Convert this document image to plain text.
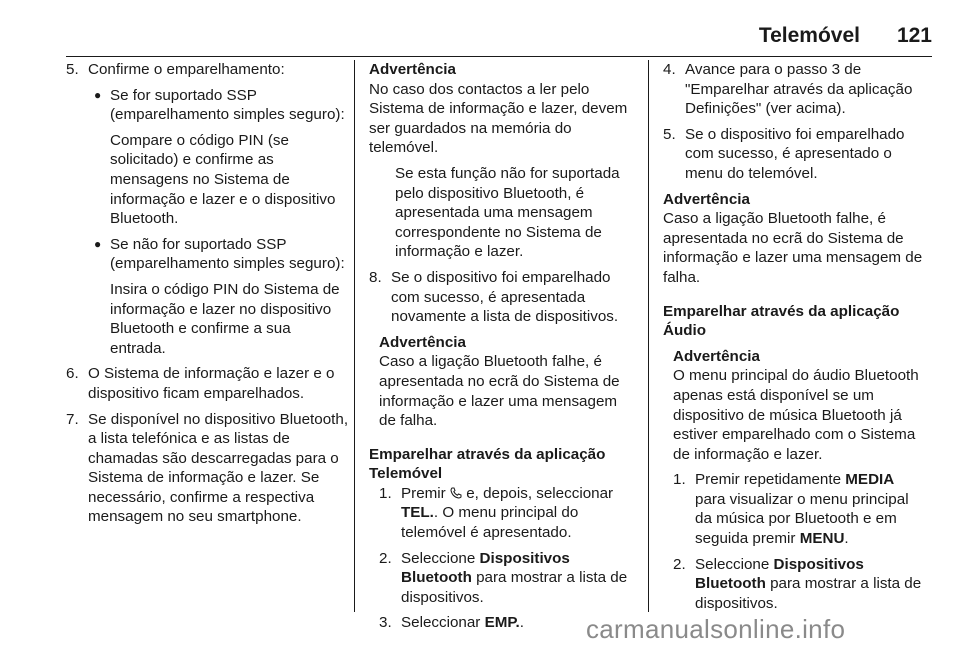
Telemóvel 121
5. Confirme o emparelhamento:
● Se for suportado SSP (emparelhamento simples seguro):
Compare o código PIN (se solicitado) e confirme as mensagens no Sistema de informação e lazer e o dispositivo Bluetooth.
● Se não for suportado SSP (emparelhamento simples seguro):
Insira o código PIN do Sistema de informação e lazer no dispositivo Bluetooth e confirme a sua entrada.
6. O Sistema de informação e lazer e o dispositivo ficam emparelhados.
7. Se disponível no dispositivo Bluetooth, a lista telefónica e as listas de chamadas são descarregadas para o Sistema de informação e lazer. Se necessário, confirme a respectiva mensagem no seu smartphone.
Advertência
No caso dos contactos a ler pelo Sistema de informação e lazer, devem ser guardados na memória do telemóvel.
Se esta função não for suportada pelo dispositivo Bluetooth, é apresentada uma mensagem correspondente no Sistema de informação e lazer.
8. Se o dispositivo foi emparelhado com sucesso, é apresentada novamente a lista de dispositivos.
Advertência
Caso a ligação Bluetooth falhe, é apresentada no ecrã do Sistema de informação e lazer uma mensagem de falha.
Emparelhar através da aplicação Telemóvel
1. Premir e, depois, seleccionar TEL.. O menu principal do telemóvel é apresentado.
2. Seleccione Dispositivos Bluetooth para mostrar a lista de dispositivos.
3. Seleccionar EMP..
4. Avance para o passo 3 de "Emparelhar através da aplicação Definições" (ver acima).
5. Se o dispositivo foi emparelhado com sucesso, é apresentado o menu do telemóvel.
Advertência
Caso a ligação Bluetooth falhe, é apresentada no ecrã do Sistema de informação e lazer uma mensagem de falha.
Emparelhar através da aplicação Áudio
Advertência
O menu principal do áudio Bluetooth apenas está disponível se um dispositivo de música Bluetooth já estiver emparelhado com o Sistema de informação e lazer.
1. Premir repetidamente MEDIA para visualizar o menu principal da música por Bluetooth e em seguida premir MENU.
2. Seleccione Dispositivos Bluetooth para mostrar a lista de dispositivos.
carmanualsonline.info
